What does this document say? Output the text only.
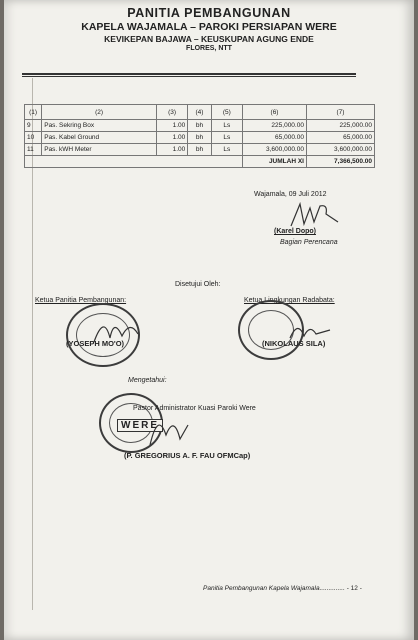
PANITIA PEMBANGUNAN
KAPELA WAJAMALA – PAROKI PERSIAPAN WERE
KEVIKEPAN BAJAWA – KEUSKUPAN AGUNG ENDE
FLORES, NTT
(1)	(2)	(3)	(4)	(5)	(6)	(7)
9	Pas. Sekring Box	1.00	bh	Ls	225,000.00	225,000.00
10	Pas. Kabel Ground	1.00	bh	Ls	65,000.00	65,000.00
11	Pas. kWH Meter	1.00	bh	Ls	3,600,000.00	3,600,000.00
					JUMLAH XI	7,366,500.00
Wajamala, 09 Juli 2012
(Karel Dopo)
Bagian Perencana
Disetujui Oleh:
Ketua Panitia Pembangunan:	Ketua Lingkungan Radabata:
(YOSEPH MO'O)	(NIKOLAUS SILA)
Mengetahui:
Pastor Administrator Kuasi Paroki Were
WERE
(P. GREGORIUS A. F. FAU OFMCap)
Panitia Pembangunan Kapela Wajamala.............. - 12 -
